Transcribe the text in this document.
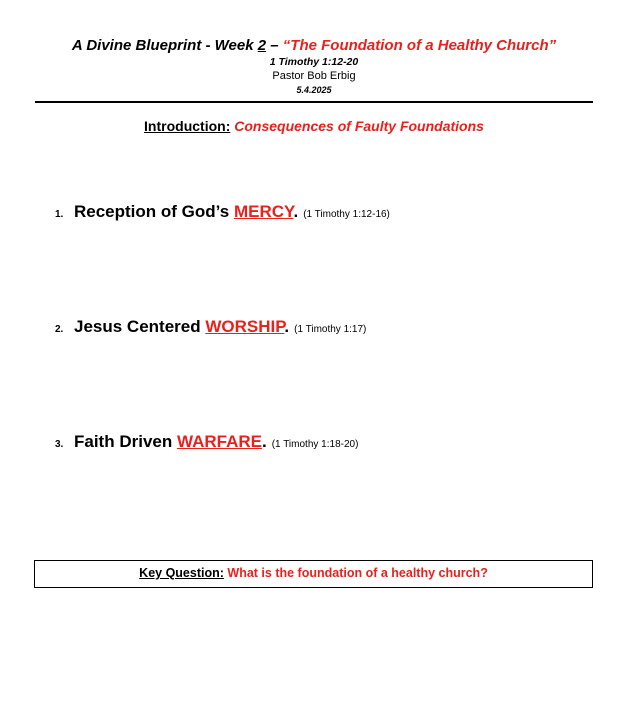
A Divine Blueprint - Week 2 – “The Foundation of a Healthy Church”
1 Timothy 1:12-20
Pastor Bob Erbig
5.4.2025
Introduction: Consequences of Faulty Foundations
1. Reception of God’s MERCY. (1 Timothy 1:12-16)
2. Jesus Centered WORSHIP. (1 Timothy 1:17)
3. Faith Driven WARFARE. (1 Timothy 1:18-20)
Key Question: What is the foundation of a healthy church?
